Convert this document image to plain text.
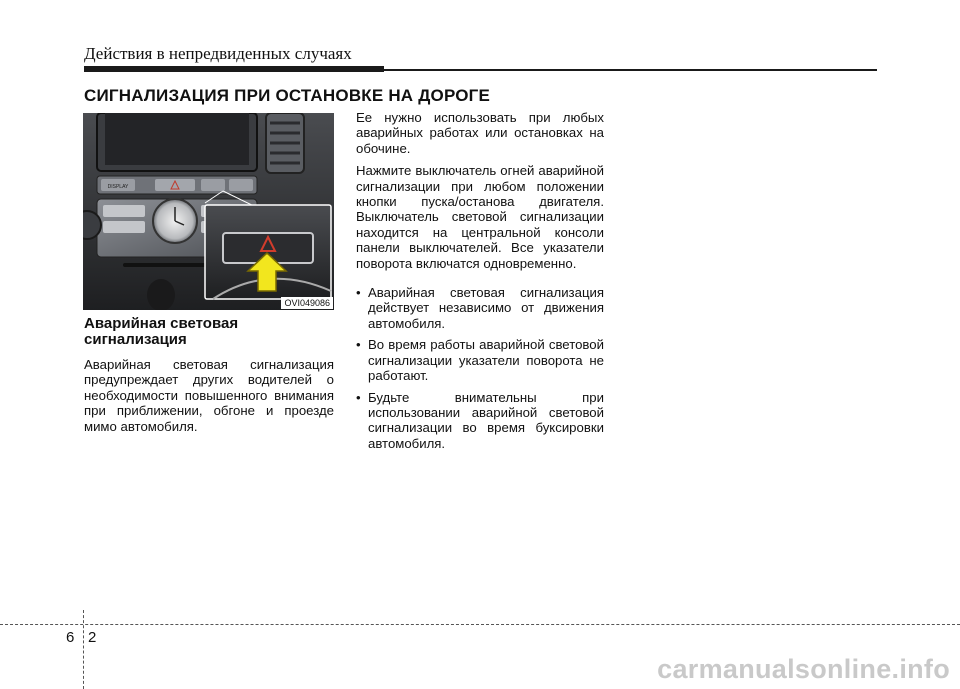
Действия в непредвиденных случаях
СИГНАЛИЗАЦИЯ ПРИ ОСТАНОВКЕ НА ДОРОГЕ
DISPLAY
OVI049086
Аварийная световая сигнализация

Аварийная световая сигнализация предупреждает других водителей о необходимости повышенного внимания при приближении, обгоне и проезде мимо автомобиля.

Ее нужно использовать при любых аварийных работах или остановках на обочине.

Нажмите выключатель огней аварийной сигнализации при любом положении кнопки пуска/останова двигателя. Выключатель световой сигнализации находится на центральной консоли панели выключателей. Все указатели поворота включатся одновременно.

• Аварийная световая сигнализация действует независимо от движения автомобиля.
• Во время работы аварийной световой сигнализации указатели поворота не работают.
• Будьте внимательны при использовании аварийной световой сигнализации во время буксировки автомобиля.
6 2
carmanualsonline.info
